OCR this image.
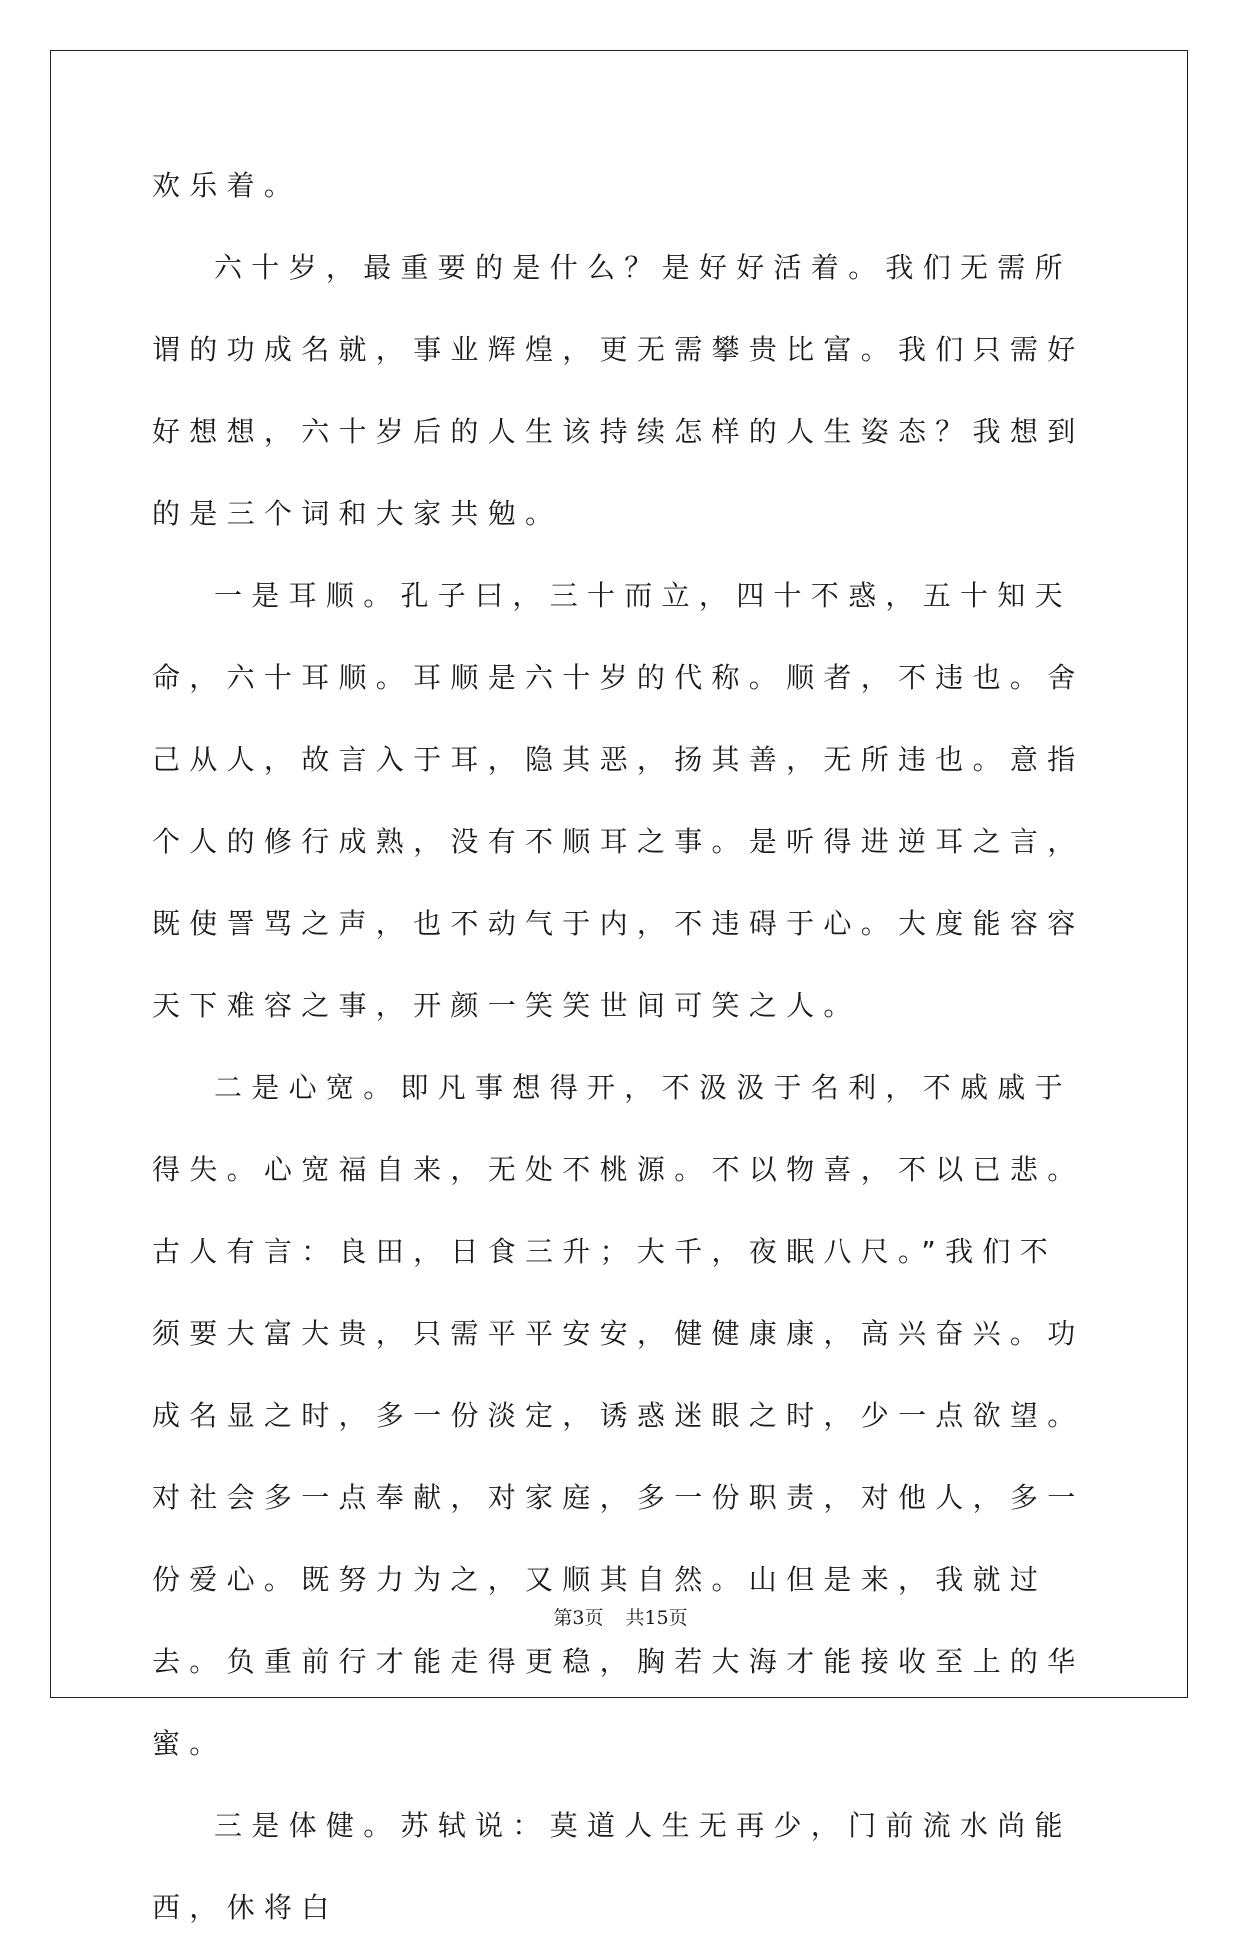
欢乐着。

六十岁，最重要的是什么？是好好活着。我们无需所谓的功成名就，事业辉煌，更无需攀贵比富。我们只需好好想想，六十岁后的人生该持续怎样的人生姿态？我想到的是三个词和大家共勉。

一是耳顺。孔子曰，三十而立，四十不惑，五十知天命，六十耳顺。耳顺是六十岁的代称。顺者，不违也。舍己从人，故言入于耳，隐其恶，扬其善，无所违也。意指个人的修行成熟，没有不顺耳之事。是听得进逆耳之言，既使詈骂之声，也不动气于内，不违碍于心。大度能容容天下难容之事，开颜一笑笑世间可笑之人。

二是心宽。即凡事想得开，不汲汲于名利，不戚戚于得失。心宽福自来，无处不桃源。不以物喜，不以已悲。古人有言：良田，日食三升；大千，夜眠八尺。”我们不须要大富大贵，只需平平安安，健健康康，高兴奋兴。功成名显之时，多一份淡定，诱惑迷眼之时，少一点欲望。对社会多一点奉献，对家庭，多一份职责，对他人，多一份爱心。既努力为之，又顺其自然。山但是来，我就过去。负重前行才能走得更稳，胸若大海才能接收至上的华蜜。

三是体健。苏轼说：莫道人生无再少，门前流水尚能西，休将白

第3页 共15页
